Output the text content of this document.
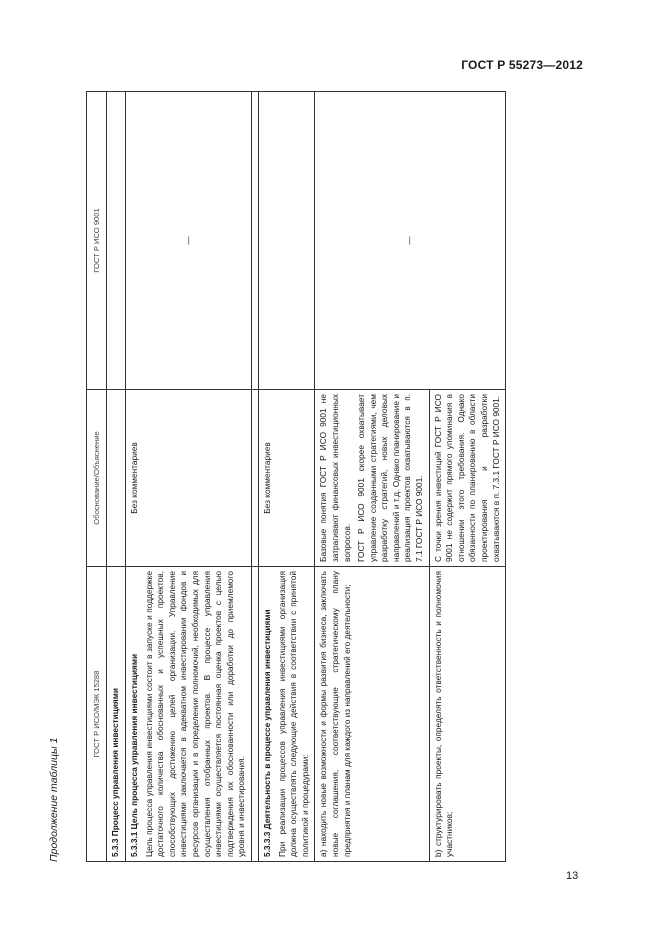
ГОСТ Р 55273—2012
Продолжение таблицы 1
ГОСТ Р ИСО/МЭК 15288	Обоснование/Объяснение	ГОСТ Р ИСО 9001
5.3.3 Процесс управления инвестициями		

5.3.3.1 Цель процесса управления инвестициями Цель процесса управления инвестициями состоит в запуске и поддержке достаточного количества обоснованных и успешных проектов, способствующих достижению целей организации. Управление инвестициями заключается в адекватном инвестировании фондов и ресурсов организации и в определении полномочий, необходимых для осуществления отобранных проектов. В процессе управления инвестициями осуществляется постоянная оценка проектов с целью подтверждения их обоснованности или доработки до приемлемого уровня и инвестирования.	Без комментариев	—

5.3.3.3 Деятельность в процессе управления инвестициями При реализации процессов управления инвестициями организация должна осуществлять следующие действия в соответствии с принятой политикой и процедурами:	Без комментариев	
а) находить новые возможности и формы развития бизнеса, заключать новые соглашения, соответствующие стратегическому плану предприятия и планам для каждого из направлений его деятельности;	Базовые понятия ГОСТ Р ИСО 9001 не затрагивают финансовых инвестиционных вопросов. ГОСТ Р ИСО 9001 скорее охватывает управление созданными стратегиями, чем разработку стратегий, новых деловых направлений и т.д. Однако планирование и реализация проектов охватываются в п. 7.1 ГОСТ Р ИСО 9001.	—

b) структурировать проекты, определять ответственность и полномочия участников;	С точки зрения инвестиций ГОСТ Р ИСО 9001 не содержит прямого упоминания в отношении этого требования. Однако обязанности по планированию в области проектирования и разработки охватываются в п. 7.3.1 ГОСТ Р ИСО 9001.	
13
